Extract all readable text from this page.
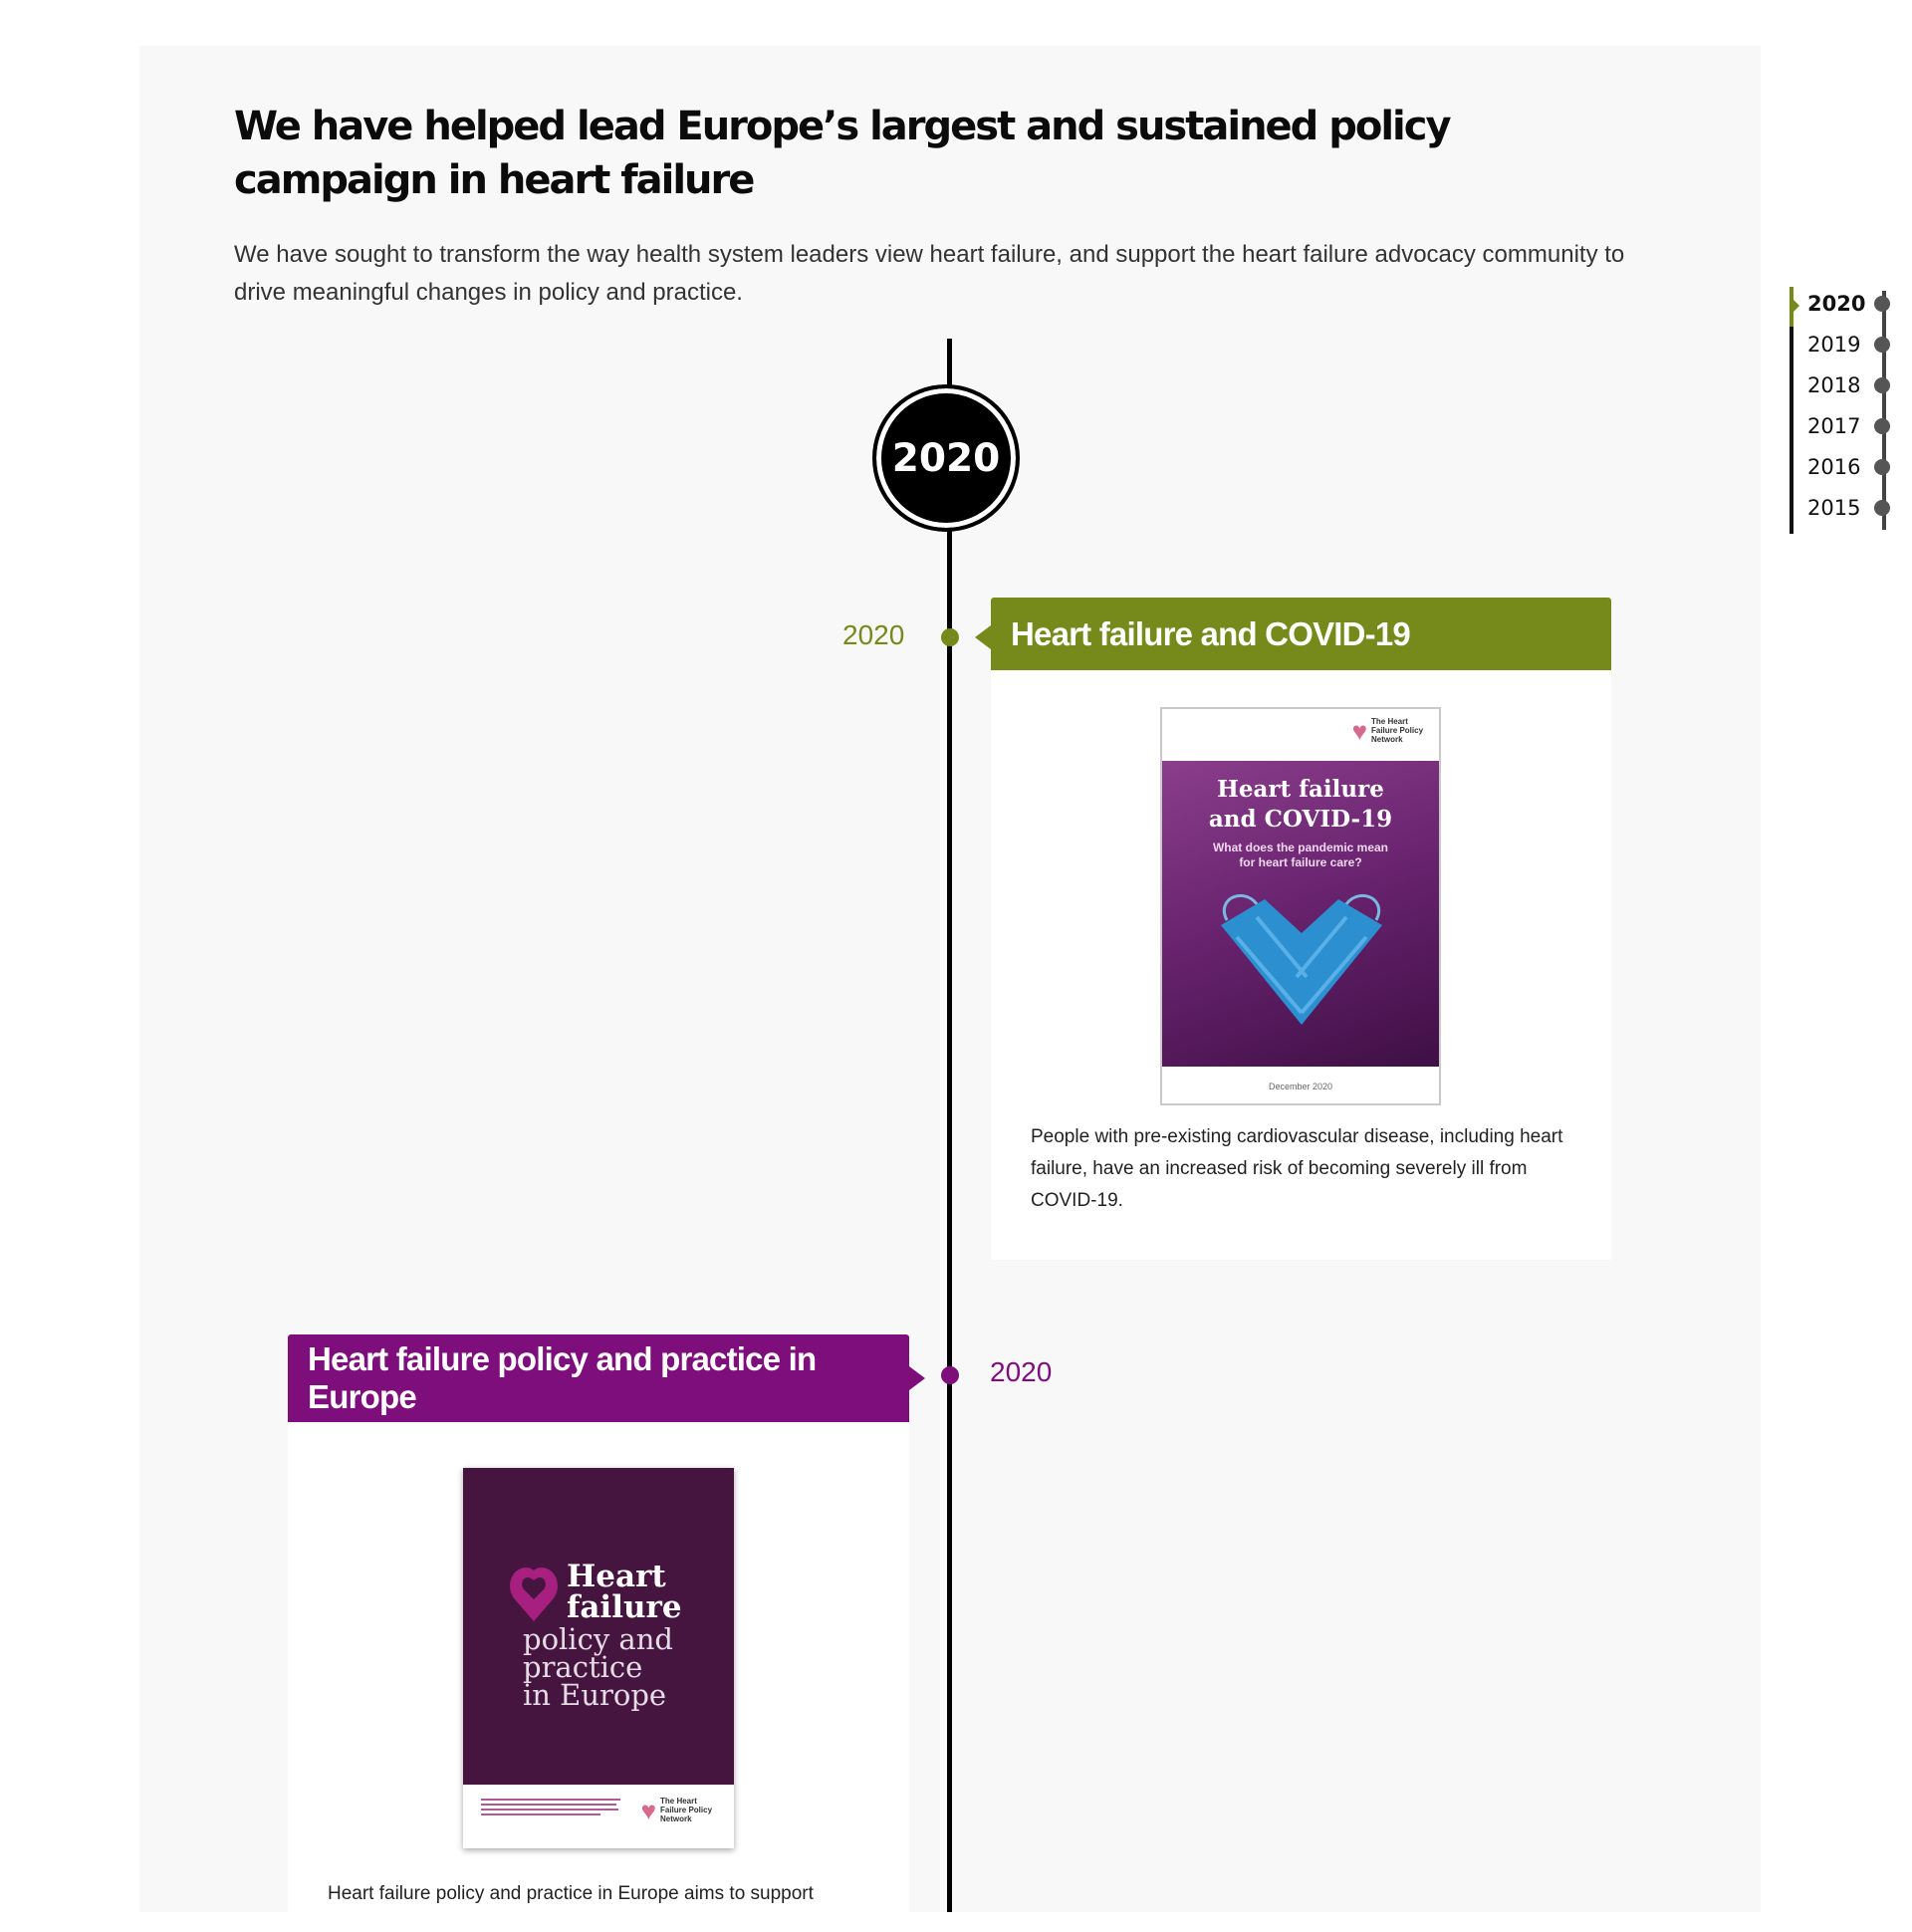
We have helped lead Europe’s largest and sustained policy campaign in heart failure

We have sought to transform the way health system leaders view heart failure, and support the heart failure advocacy community to drive meaningful changes in policy and practice.

2020
2020
2020
Heart failure and COVID-19
♥ The Heart
Failure Policy
Network
Heart failure
and COVID-19
What does the pandemic mean
for heart failure care?
December 2020

People with pre-existing cardiovascular disease, including heart failure, have an increased risk of becoming severely ill from COVID-19.

Heart failure policy and practice in Europe
Heart
failure
policy and
practice
in Europe
♥ The Heart
Failure Policy
Network

Heart failure policy and practice in Europe aims to support

2020
2019
2018
2017
2016
2015
